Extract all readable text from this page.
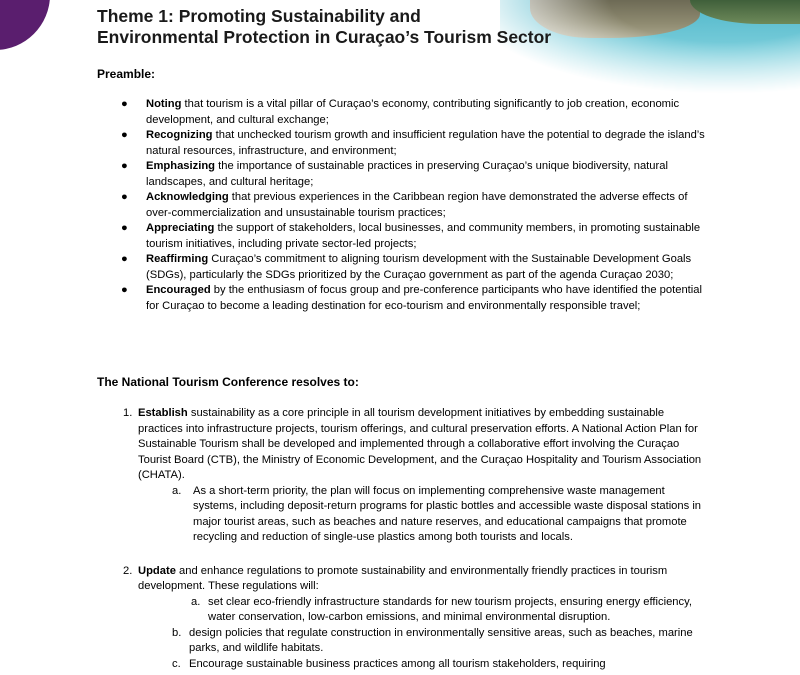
Theme 1: Promoting Sustainability and
Environmental Protection in Curaçao’s Tourism Sector
Preamble:
● Noting that tourism is a vital pillar of Curaçao’s economy, contributing significantly to job creation, economic development, and cultural exchange;
● Recognizing that unchecked tourism growth and insufficient regulation have the potential to degrade the island’s natural resources, infrastructure, and environment;
● Emphasizing the importance of sustainable practices in preserving Curaçao’s unique biodiversity, natural landscapes, and cultural heritage;
● Acknowledging that previous experiences in the Caribbean region have demonstrated the adverse effects of over-commercialization and unsustainable tourism practices;
● Appreciating the support of stakeholders, local businesses, and community members, in promoting sustainable tourism initiatives, including private sector-led projects;
● Reaffirming Curaçao’s commitment to aligning tourism development with the Sustainable Development Goals (SDGs), particularly the SDGs prioritized by the Curaçao government as part of the agenda Curaçao 2030;
● Encouraged by the enthusiasm of focus group and pre-conference participants who have identified the potential for Curaçao to become a leading destination for eco-tourism and environmentally responsible travel;
The National Tourism Conference resolves to:
1. Establish sustainability as a core principle in all tourism development initiatives by embedding sustainable practices into infrastructure projects, tourism offerings, and cultural preservation efforts. A National Action Plan for Sustainable Tourism shall be developed and implemented through a collaborative effort involving the Curaçao Tourist Board (CTB), the Ministry of Economic Development, and the Curaçao Hospitality and Tourism Association (CHATA).
a. As a short-term priority, the plan will focus on implementing comprehensive waste management systems, including deposit-return programs for plastic bottles and accessible waste disposal stations in major tourist areas, such as beaches and nature reserves, and educational campaigns that promote recycling and reduction of single-use plastics among both tourists and locals.
2. Update and enhance regulations to promote sustainability and environmentally friendly practices in tourism development. These regulations will:
a. set clear eco-friendly infrastructure standards for new tourism projects, ensuring energy efficiency, water conservation, low-carbon emissions, and minimal environmental disruption.
b. design policies that regulate construction in environmentally sensitive areas, such as beaches, marine parks, and wildlife habitats.
c. Encourage sustainable business practices among all tourism stakeholders, requiring
